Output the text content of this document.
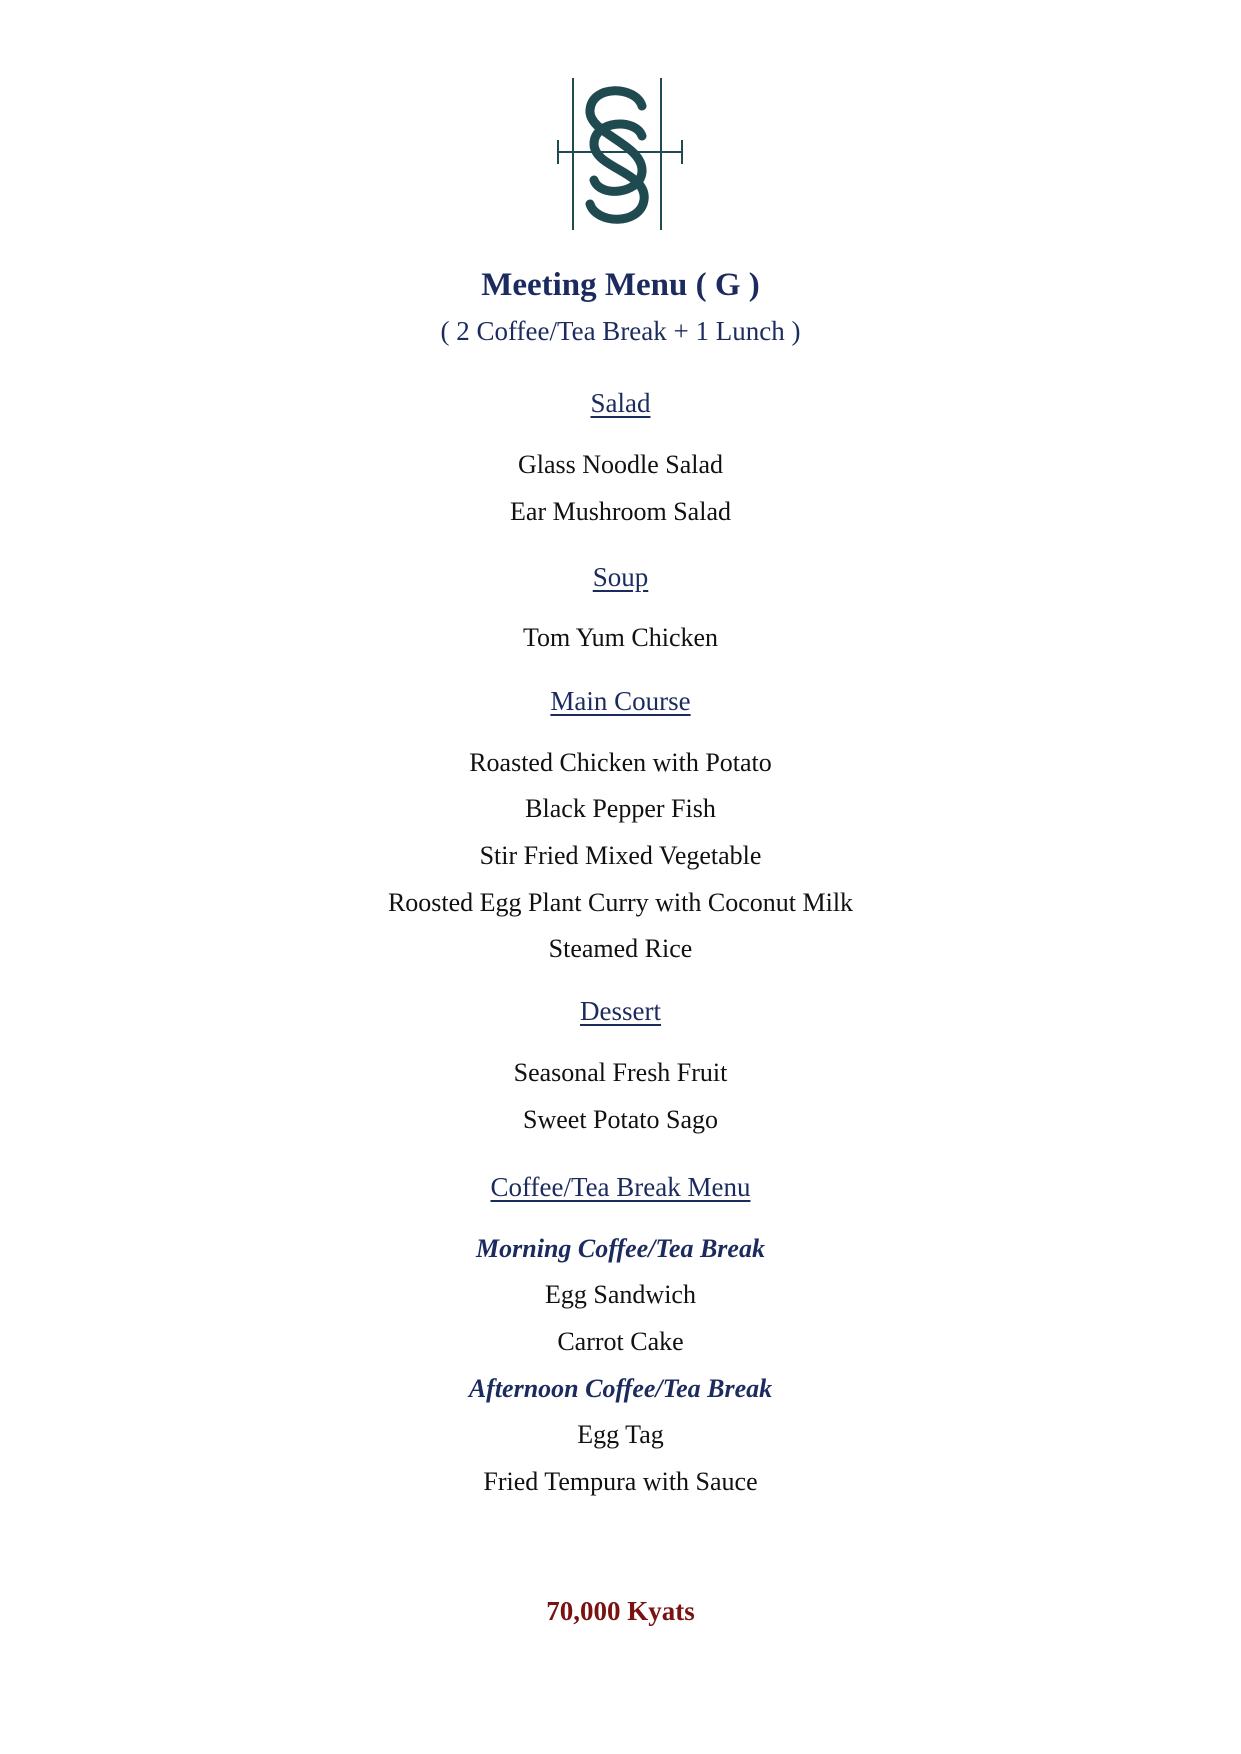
Meeting Menu ( G )
( 2 Coffee/Tea Break + 1 Lunch )
Salad
Glass Noodle Salad
Ear Mushroom Salad
Soup
Tom Yum Chicken
Main Course
Roasted Chicken with Potato
Black Pepper Fish
Stir Fried Mixed Vegetable
Roosted Egg Plant Curry with Coconut Milk
Steamed Rice
Dessert
Seasonal Fresh Fruit
Sweet Potato Sago
Coffee/Tea Break Menu
Morning Coffee/Tea Break
Egg Sandwich
Carrot Cake
Afternoon Coffee/Tea Break
Egg Tag
Fried Tempura with Sauce
70,000 Kyats
